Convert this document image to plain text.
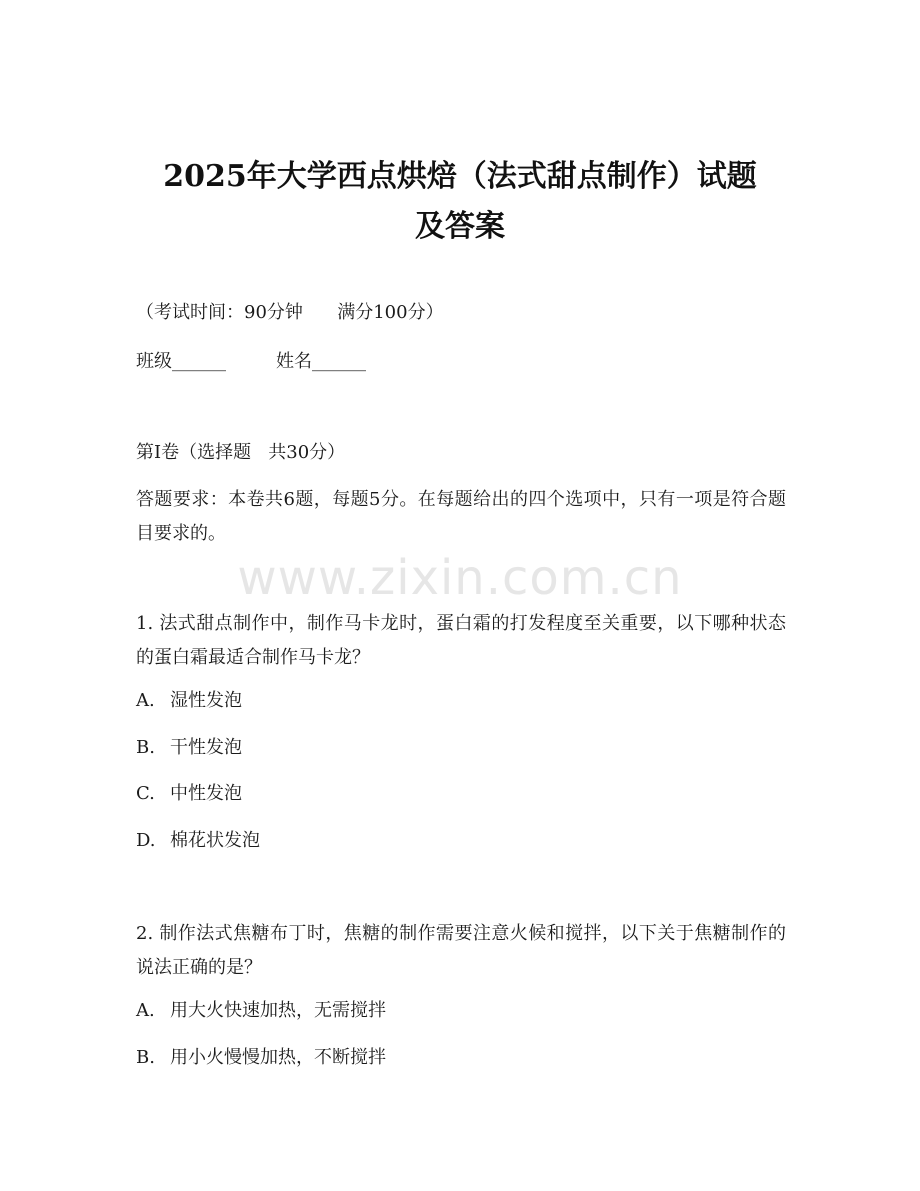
www.zixin.com.cn
2025年大学西点烘焙（法式甜点制作）试题
及答案
（考试时间：90分钟      满分100分）
班级______	姓名______
第I卷（选择题   共30分）
答题要求：本卷共6题，每题5分。在每题给出的四个选项中，只有一项是符合题目要求的。
1. 法式甜点制作中，制作马卡龙时，蛋白霜的打发程度至关重要，以下哪种状态的蛋白霜最适合制作马卡龙？
A. 湿性发泡
B. 干性发泡
C. 中性发泡
D. 棉花状发泡
2. 制作法式焦糖布丁时，焦糖的制作需要注意火候和搅拌，以下关于焦糖制作的说法正确的是？
A. 用大火快速加热，无需搅拌
B. 用小火慢慢加热，不断搅拌
